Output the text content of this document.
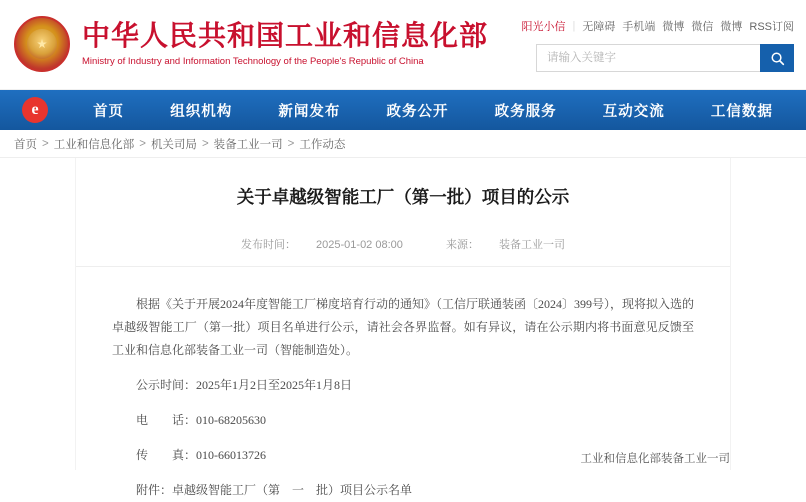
中华人民共和国工业和信息化部
Ministry of Industry and Information Technology of the People's Republic of China
阳光小信 | 无障碍 手机端 微博 微信 微博 RSS订阅
请输入关键字
e	首页	组织机构	新闻发布	政务公开	政务服务	互动交流	工信数据
首页 > 工业和信息化部 > 机关司局 > 装备工业一司 > 工作动态
关于卓越级智能工厂（第一批）项目的公示
发布时间： 2025-01-02 08:00	来源： 装备工业一司

根据《关于开展2024年度智能工厂梯度培育行动的通知》（工信厅联通装函〔2024〕399号），现将拟入选的卓越级智能工厂（第一批）项目名单进行公示，请社会各界监督。如有异议，请在公示期内将书面意见反馈至工业和信息化部装备工业一司（智能制造处）。

公示时间：2025年1月2日至2025年1月8日

电　　话：010-68205630

传　　真：010-66013726

附件：卓越级智能工厂（第　一　批）项目公示名单

工业和信息化部装备工业一司
